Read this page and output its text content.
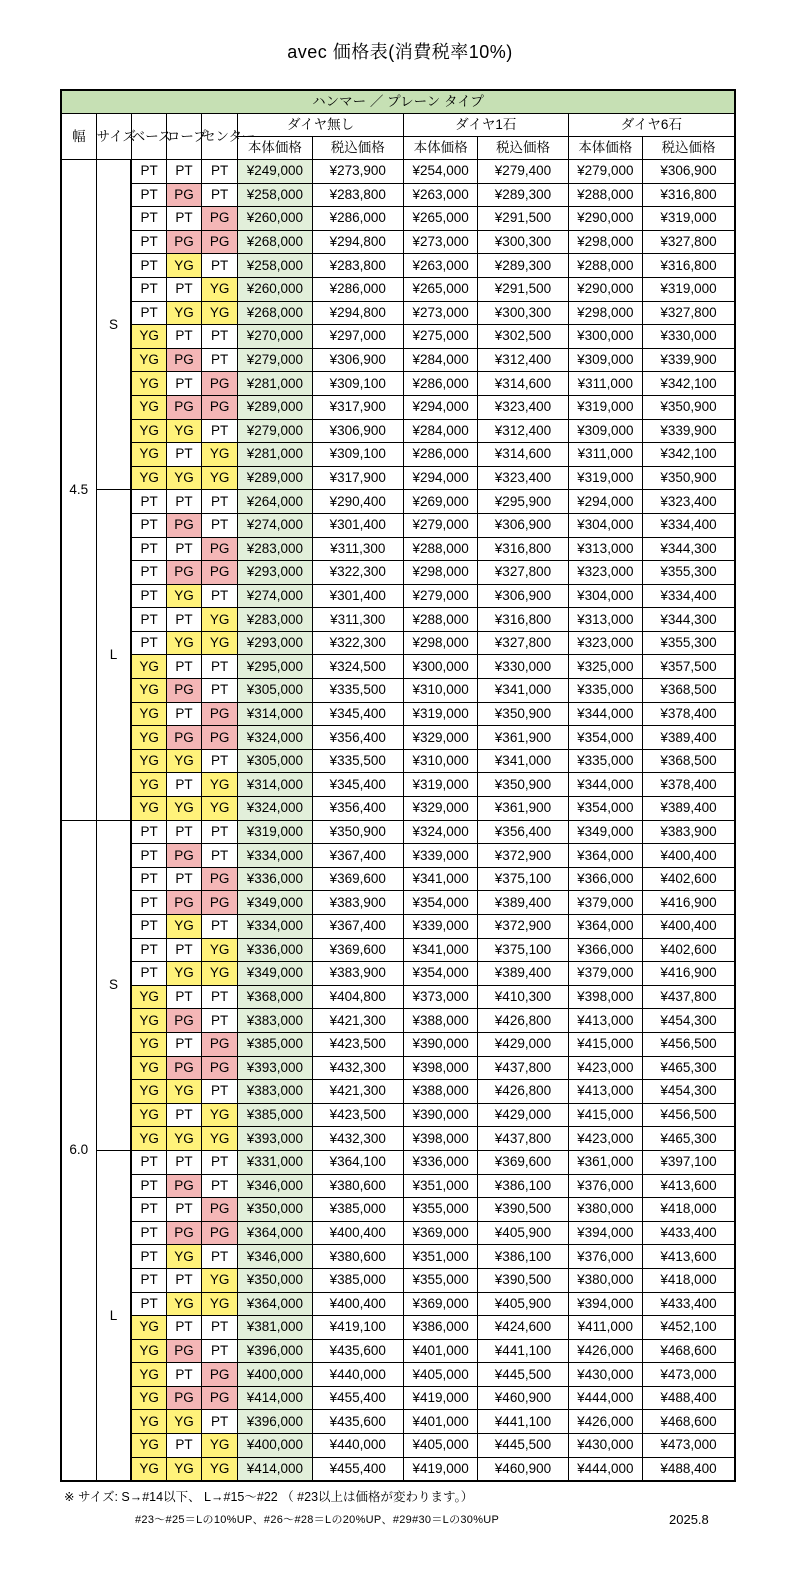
avec 価格表(消費税率10%)
ハンマー ／ プレーン タイプ										
幅	サイズ	ベース	ロープ	センター	ダイヤ無し		ダイヤ1石		ダイヤ6石	
					本体価格	税込価格	本体価格	税込価格	本体価格	税込価格
4.5	S	PT	PT	PT	¥249,000	¥273,900	¥254,000	¥279,400	¥279,000	¥306,900
		PT	PG	PT	¥258,000	¥283,800	¥263,000	¥289,300	¥288,000	¥316,800
		PT	PT	PG	¥260,000	¥286,000	¥265,000	¥291,500	¥290,000	¥319,000
		PT	PG	PG	¥268,000	¥294,800	¥273,000	¥300,300	¥298,000	¥327,800
		PT	YG	PT	¥258,000	¥283,800	¥263,000	¥289,300	¥288,000	¥316,800
		PT	PT	YG	¥260,000	¥286,000	¥265,000	¥291,500	¥290,000	¥319,000
		PT	YG	YG	¥268,000	¥294,800	¥273,000	¥300,300	¥298,000	¥327,800
		YG	PT	PT	¥270,000	¥297,000	¥275,000	¥302,500	¥300,000	¥330,000
		YG	PG	PT	¥279,000	¥306,900	¥284,000	¥312,400	¥309,000	¥339,900
		YG	PT	PG	¥281,000	¥309,100	¥286,000	¥314,600	¥311,000	¥342,100
		YG	PG	PG	¥289,000	¥317,900	¥294,000	¥323,400	¥319,000	¥350,900
		YG	YG	PT	¥279,000	¥306,900	¥284,000	¥312,400	¥309,000	¥339,900
		YG	PT	YG	¥281,000	¥309,100	¥286,000	¥314,600	¥311,000	¥342,100
		YG	YG	YG	¥289,000	¥317,900	¥294,000	¥323,400	¥319,000	¥350,900
	L	PT	PT	PT	¥264,000	¥290,400	¥269,000	¥295,900	¥294,000	¥323,400
		PT	PG	PT	¥274,000	¥301,400	¥279,000	¥306,900	¥304,000	¥334,400
		PT	PT	PG	¥283,000	¥311,300	¥288,000	¥316,800	¥313,000	¥344,300
		PT	PG	PG	¥293,000	¥322,300	¥298,000	¥327,800	¥323,000	¥355,300
		PT	YG	PT	¥274,000	¥301,400	¥279,000	¥306,900	¥304,000	¥334,400
		PT	PT	YG	¥283,000	¥311,300	¥288,000	¥316,800	¥313,000	¥344,300
		PT	YG	YG	¥293,000	¥322,300	¥298,000	¥327,800	¥323,000	¥355,300
		YG	PT	PT	¥295,000	¥324,500	¥300,000	¥330,000	¥325,000	¥357,500
		YG	PG	PT	¥305,000	¥335,500	¥310,000	¥341,000	¥335,000	¥368,500
		YG	PT	PG	¥314,000	¥345,400	¥319,000	¥350,900	¥344,000	¥378,400
		YG	PG	PG	¥324,000	¥356,400	¥329,000	¥361,900	¥354,000	¥389,400
		YG	YG	PT	¥305,000	¥335,500	¥310,000	¥341,000	¥335,000	¥368,500
		YG	PT	YG	¥314,000	¥345,400	¥319,000	¥350,900	¥344,000	¥378,400
		YG	YG	YG	¥324,000	¥356,400	¥329,000	¥361,900	¥354,000	¥389,400
6.0	S	PT	PT	PT	¥319,000	¥350,900	¥324,000	¥356,400	¥349,000	¥383,900
		PT	PG	PT	¥334,000	¥367,400	¥339,000	¥372,900	¥364,000	¥400,400
		PT	PT	PG	¥336,000	¥369,600	¥341,000	¥375,100	¥366,000	¥402,600
		PT	PG	PG	¥349,000	¥383,900	¥354,000	¥389,400	¥379,000	¥416,900
		PT	YG	PT	¥334,000	¥367,400	¥339,000	¥372,900	¥364,000	¥400,400
		PT	PT	YG	¥336,000	¥369,600	¥341,000	¥375,100	¥366,000	¥402,600
		PT	YG	YG	¥349,000	¥383,900	¥354,000	¥389,400	¥379,000	¥416,900
		YG	PT	PT	¥368,000	¥404,800	¥373,000	¥410,300	¥398,000	¥437,800
		YG	PG	PT	¥383,000	¥421,300	¥388,000	¥426,800	¥413,000	¥454,300
		YG	PT	PG	¥385,000	¥423,500	¥390,000	¥429,000	¥415,000	¥456,500
		YG	PG	PG	¥393,000	¥432,300	¥398,000	¥437,800	¥423,000	¥465,300
		YG	YG	PT	¥383,000	¥421,300	¥388,000	¥426,800	¥413,000	¥454,300
		YG	PT	YG	¥385,000	¥423,500	¥390,000	¥429,000	¥415,000	¥456,500
		YG	YG	YG	¥393,000	¥432,300	¥398,000	¥437,800	¥423,000	¥465,300
	L	PT	PT	PT	¥331,000	¥364,100	¥336,000	¥369,600	¥361,000	¥397,100
		PT	PG	PT	¥346,000	¥380,600	¥351,000	¥386,100	¥376,000	¥413,600
		PT	PT	PG	¥350,000	¥385,000	¥355,000	¥390,500	¥380,000	¥418,000
		PT	PG	PG	¥364,000	¥400,400	¥369,000	¥405,900	¥394,000	¥433,400
		PT	YG	PT	¥346,000	¥380,600	¥351,000	¥386,100	¥376,000	¥413,600
		PT	PT	YG	¥350,000	¥385,000	¥355,000	¥390,500	¥380,000	¥418,000
		PT	YG	YG	¥364,000	¥400,400	¥369,000	¥405,900	¥394,000	¥433,400
		YG	PT	PT	¥381,000	¥419,100	¥386,000	¥424,600	¥411,000	¥452,100
		YG	PG	PT	¥396,000	¥435,600	¥401,000	¥441,100	¥426,000	¥468,600
		YG	PT	PG	¥400,000	¥440,000	¥405,000	¥445,500	¥430,000	¥473,000
		YG	PG	PG	¥414,000	¥455,400	¥419,000	¥460,900	¥444,000	¥488,400
		YG	YG	PT	¥396,000	¥435,600	¥401,000	¥441,100	¥426,000	¥468,600
		YG	PT	YG	¥400,000	¥440,000	¥405,000	¥445,500	¥430,000	¥473,000
		YG	YG	YG	¥414,000	¥455,400	¥419,000	¥460,900	¥444,000	¥488,400
※ サイズ: S→#14以下、 L→#15～#22 （ #23以上は価格が変わります。）
#23～#25＝Lの10%UP、#26～#28＝Lの20%UP、#29#30＝Lの30%UP	2025.8
